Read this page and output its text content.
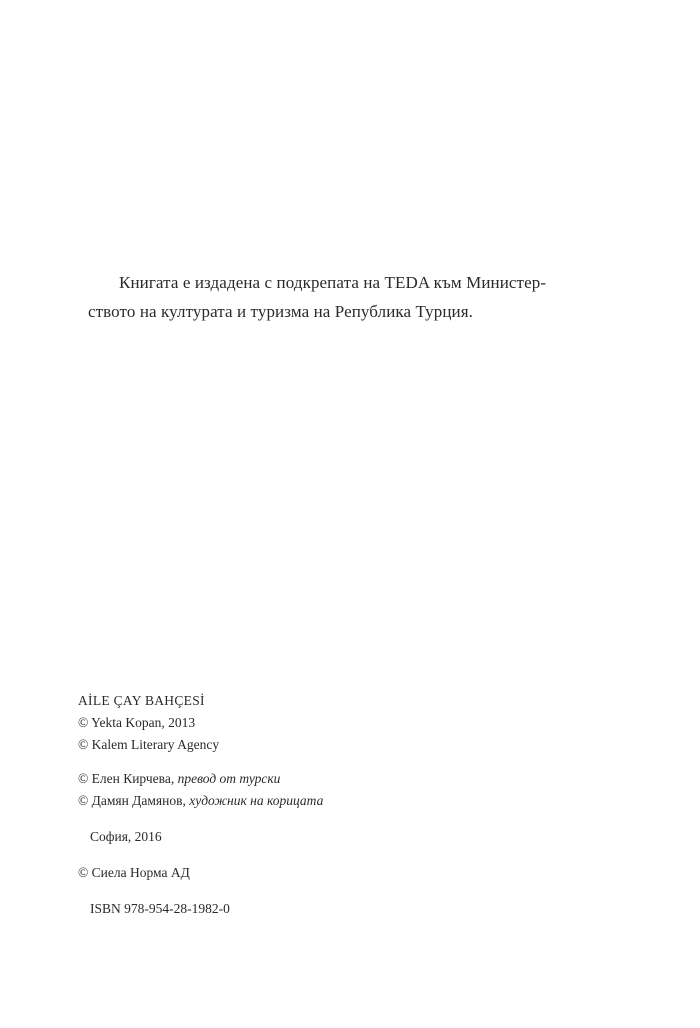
Книгата е издадена с подкрепата на TEDA към Министер-
ството на културата и туризма на Република Турция.
AİLE ÇAY BAHÇESİ
© Yekta Kopan, 2013
© Kalem Literary Agency
© Елен Кирчева, превод от турски
© Дамян Дамянов, художник на корицата
София, 2016
© Сиела Норма АД
ISBN 978-954-28-1982-0
